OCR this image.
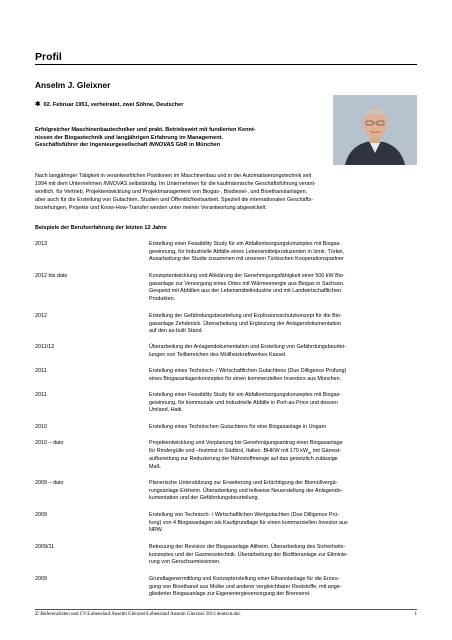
Profil
Anselm J. Gleixner
✱ 02. Februar 1951, verheiratet, zwei Söhne, Deutscher
Erfolgreicher Maschinenbautechniker und prakt. Betriebswirt mit fundierten Kennt-
nissen der Biogastechnik und langjährigen Erfahrung im Management.
Geschäftsführer der Ingenieurgesellschaft INNOVAS GbR in München
Nach langjähriger Tätigkeit in verantwortlichen Positionen im Maschinenbau und in der Automatisierungstechnik seit
1994 mit dem Unternehmen INNOVAS selbständig. Im Unternehmen für die kaufmännische Geschäftsführung verant-
wortlich, für Vertrieb, Projektentwicklung und Projektmanagement von Biogas-, Biodiesel-, und Bioethanolanlagen,
aber auch für die Erstellung von Gutachten, Studien und Öffentlichkeitsarbeit. Speziell die internationalen Geschäfts-
beziehungen, Projekte und Know-How-Transfer werden unter meiner Verantwortung abgewickelt.
Beispiele der Berufserfahrung der letzten 12 Jahre
2013	Erstellung einer Feasibility Study für ein Abfallentsorgungskonzeptes mit Biogas-
gewinnung, für Industrielle Abfälle eines Lebensmittelproduzenten in Izmir, Türkei,
Ausarbeitung der Studie zusammen mit unserem Türkischen Kooperationspartner
2012 bis dato	Konzeptentwicklung und Abklärung der Genehmigungsfähigkeit einer 500 kW Bio-
gasanlage zur Versorgung eines Ortes mit Wärmeenergie aus Biogas in Sachsen.
Gespeist mit Abfällen aus der Lebensmittelindustrie und mit Landwirtschaftlichen
Produkten.
2012	Erstellung der Gefährdungsbeurteilung und Explosionsschutzkonzept für die Bio-
gasanlage Zehdenick. Überarbeitung und Ergänzung der Anlagendokumentation
auf den as-built Stand.
2011/12	Überarbeitung der Anlagendokumentation und Erstellung von Gefährdungsbeurtei-
lungen von Teilbereichen des Müllheizkraftwerkes Kassel.
2011	Erstellung eines Technisch- / Wirtschaftlichen Gutachtens (Due Dilligence Prüfung)
eines Biogasanlagenkonzeptes für einen kommerziellen Investors aus München.
2011	Erstellung einer Feasibility Study für ein Abfallentsorgungskonzeptes mit Biogas-
gewinnung, für kommunale und Industrielle Abfälle in Port-au-Price und dessen
Umland, Haiti.
2010	Erstellung eines Technischen Gutachtens für eine Biogasanlage in Ungarn
2010 – dato	Projektentwicklung und Vorplanung bis Genehmigungsantrag einer Biogasanlage
für Rindergülle und –festmist in Südtirol, Italien. BHKW mit 170 $kW_{el}$ mit Gärrest-
aufbereitung zur Reduzierung der Nährstoffmenge auf das gesetzlich zulässige
Maß.
2009 – dato	Planerische Unterstützung zur Erweiterung und Ertüchtigung der Biomüllvergä-
rungsanlage Erkheim. Überarbeitung und teilweise Neuerstellung der Anlagendo-
kumentation und der Gefährdungsbeurteilung.
2009	Erstellung von Technisch- / Wirtschaftlichen Wertgutachten (Due Dilligence Prü-
fung) von 4 Biogasanlagen als Kaufgrundlage für einen kommerziellen Investor aus
NRW.
2009/11	Betreuung der Revision der Biogasanlage Altheim. Überarbeitung des Sicherheits-
konzeptes und der Gasmesstechnik. Überarbeitung der Biofilteranlage zur Eliminie-
rung von Geruchsemissionen.
2009	Grundlagenermittlung und Konzepterstellung einer Ethanolanlage für die Erzeu-
gung von Bioethanol aus Molke und anderer vergleichbarer Reststoffe, mit ange-
gliederter Biogasanlage zur Eigenenergieversorgung der Brennerei.
Z:\Referenzlisten und CV\Lebenslauf Anselm Gleixner\Lebenslauf Anselm Gleixner 2013 deutsch.doc	1
